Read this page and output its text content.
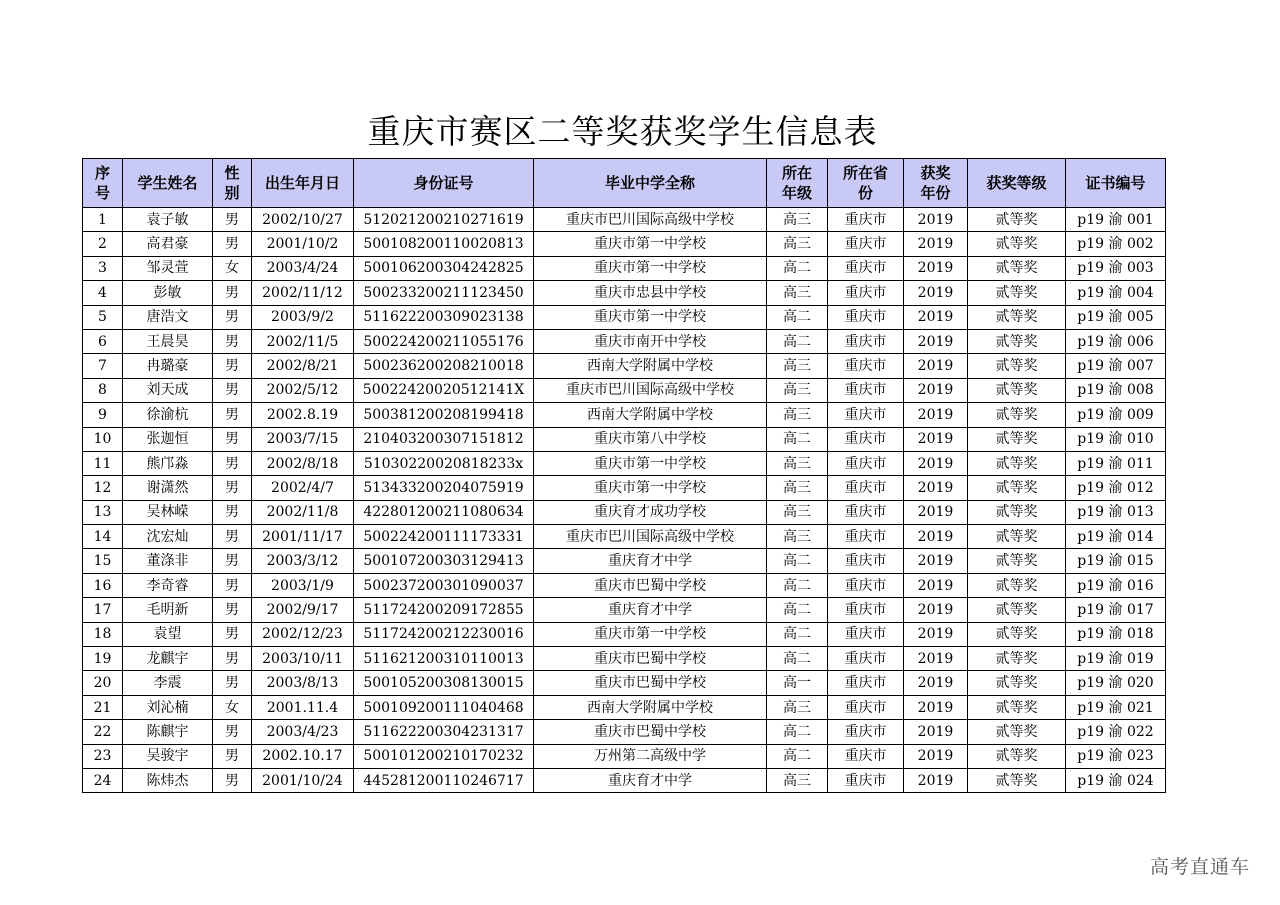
重庆市赛区二等奖获奖学生信息表
序号	学生姓名	性别	出生年月日	身份证号	毕业中学全称	所在年级	所在省份	获奖年份	获奖等级	证书编号
1	袁子敏	男	2002/10/27	512021200210271619	重庆市巴川国际高级中学校	高三	重庆市	2019	贰等奖	p19 渝 001
2	高君豪	男	2001/10/2	500108200110020813	重庆市第一中学校	高三	重庆市	2019	贰等奖	p19 渝 002
3	邹灵萱	女	2003/4/24	500106200304242825	重庆市第一中学校	高二	重庆市	2019	贰等奖	p19 渝 003
4	彭敏	男	2002/11/12	500233200211123450	重庆市忠县中学校	高三	重庆市	2019	贰等奖	p19 渝 004
5	唐浩文	男	2003/9/2	511622200309023138	重庆市第一中学校	高二	重庆市	2019	贰等奖	p19 渝 005
6	王晨昊	男	2002/11/5	500224200211055176	重庆市南开中学校	高二	重庆市	2019	贰等奖	p19 渝 006
7	冉璐豪	男	2002/8/21	500236200208210018	西南大学附属中学校	高三	重庆市	2019	贰等奖	p19 渝 007
8	刘天成	男	2002/5/12	50022420020512141X	重庆市巴川国际高级中学校	高三	重庆市	2019	贰等奖	p19 渝 008
9	徐渝杭	男	2002.8.19	500381200208199418	西南大学附属中学校	高三	重庆市	2019	贰等奖	p19 渝 009
10	张迦恒	男	2003/7/15	210403200307151812	重庆市第八中学校	高二	重庆市	2019	贰等奖	p19 渝 010
11	熊邝淼	男	2002/8/18	51030220020818233x	重庆市第一中学校	高三	重庆市	2019	贰等奖	p19 渝 011
12	谢潇然	男	2002/4/7	513433200204075919	重庆市第一中学校	高三	重庆市	2019	贰等奖	p19 渝 012
13	吴林嵘	男	2002/11/8	422801200211080634	重庆育才成功学校	高三	重庆市	2019	贰等奖	p19 渝 013
14	沈宏灿	男	2001/11/17	500224200111173331	重庆市巴川国际高级中学校	高三	重庆市	2019	贰等奖	p19 渝 014
15	董涤非	男	2003/3/12	500107200303129413	重庆育才中学	高二	重庆市	2019	贰等奖	p19 渝 015
16	李奇睿	男	2003/1/9	500237200301090037	重庆市巴蜀中学校	高二	重庆市	2019	贰等奖	p19 渝 016
17	毛明新	男	2002/9/17	511724200209172855	重庆育才中学	高二	重庆市	2019	贰等奖	p19 渝 017
18	袁望	男	2002/12/23	511724200212230016	重庆市第一中学校	高二	重庆市	2019	贰等奖	p19 渝 018
19	龙麒宇	男	2003/10/11	511621200310110013	重庆市巴蜀中学校	高二	重庆市	2019	贰等奖	p19 渝 019
20	李震	男	2003/8/13	500105200308130015	重庆市巴蜀中学校	高一	重庆市	2019	贰等奖	p19 渝 020
21	刘沁楠	女	2001.11.4	500109200111040468	西南大学附属中学校	高三	重庆市	2019	贰等奖	p19 渝 021
22	陈麒宇	男	2003/4/23	511622200304231317	重庆市巴蜀中学校	高二	重庆市	2019	贰等奖	p19 渝 022
23	吴骏宇	男	2002.10.17	500101200210170232	万州第二高级中学	高二	重庆市	2019	贰等奖	p19 渝 023
24	陈炜杰	男	2001/10/24	445281200110246717	重庆育才中学	高三	重庆市	2019	贰等奖	p19 渝 024
高考直通车
